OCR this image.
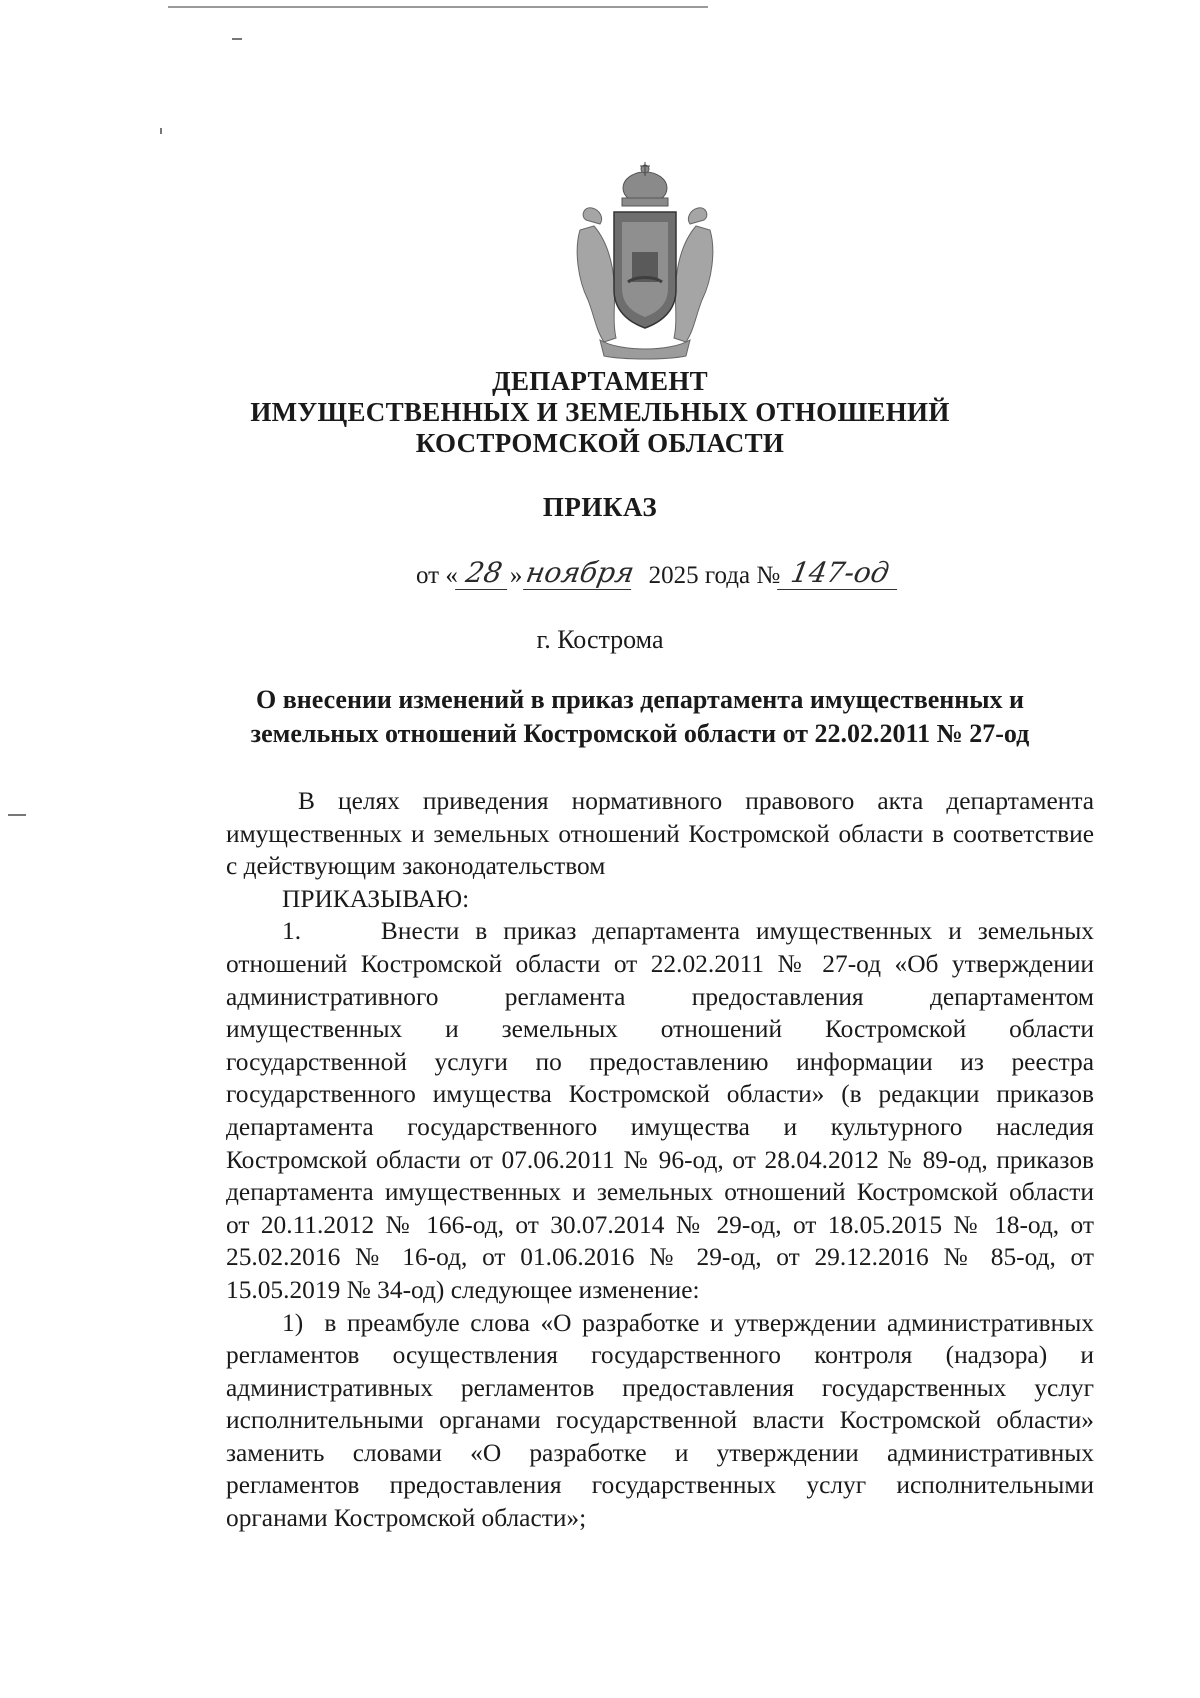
ДЕПАРТАМЕНТ
ИМУЩЕСТВЕННЫХ И ЗЕМЕЛЬНЫХ ОТНОШЕНИЙ
КОСТРОМСКОЙ ОБЛАСТИ
ПРИКАЗ
от « 28 »ноября 2025 года № 147-од
г. Кострома
О внесении изменений в приказ департамента имущественных и
земельных отношений Костромской области от 22.02.2011 № 27-од

В целях приведения нормативного правового акта департамента имущественных и земельных отношений Костромской области в соответствие с действующим законодательством

ПРИКАЗЫВАЮ:

1.     Внести в приказ департамента имущественных и земельных отношений Костромской области от 22.02.2011 № 27-од «Об утверждении административного регламента предоставления департаментом имущественных и земельных отношений Костромской области государственной услуги по предоставлению информации из реестра государственного имущества Костромской области» (в редакции приказов департамента государственного имущества и культурного наследия Костромской области от 07.06.2011 № 96-од, от 28.04.2012 № 89-од, приказов департамента имущественных и земельных отношений Костромской области от 20.11.2012 № 166-од, от 30.07.2014 № 29-од, от 18.05.2015 № 18-од, от 25.02.2016 № 16-од, от 01.06.2016 № 29-од, от 29.12.2016 № 85-од, от 15.05.2019 № 34-од) следующее изменение:

1)  в преамбуле слова «О разработке и утверждении административных регламентов осуществления государственного контроля (надзора) и административных регламентов предоставления государственных услуг исполнительными органами государственной власти Костромской области» заменить словами «О разработке и утверждении административных регламентов предоставления государственных услуг исполнительными органами Костромской области»;
